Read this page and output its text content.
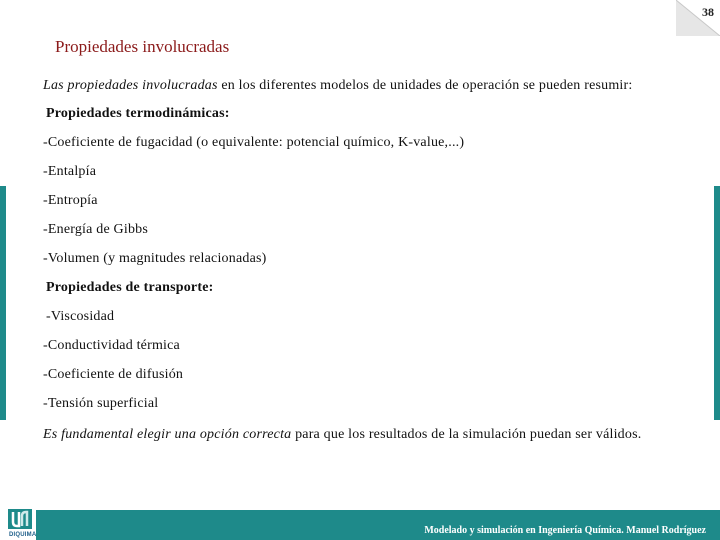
38
Propiedades involucradas
Las propiedades involucradas en los diferentes modelos de unidades de operación se pueden resumir:
Propiedades termodinámicas:
-Coeficiente de fugacidad (o equivalente: potencial químico, K-value,...)
-Entalpía
-Entropía
-Energía de Gibbs
-Volumen (y magnitudes relacionadas)
Propiedades de transporte:
-Viscosidad
-Conductividad térmica
-Coeficiente de difusión
-Tensión superficial
Es fundamental elegir una opción correcta para que los resultados de la simulación puedan ser válidos.
DIQUIMA	Modelado y simulación en Ingeniería Química. Manuel Rodríguez
